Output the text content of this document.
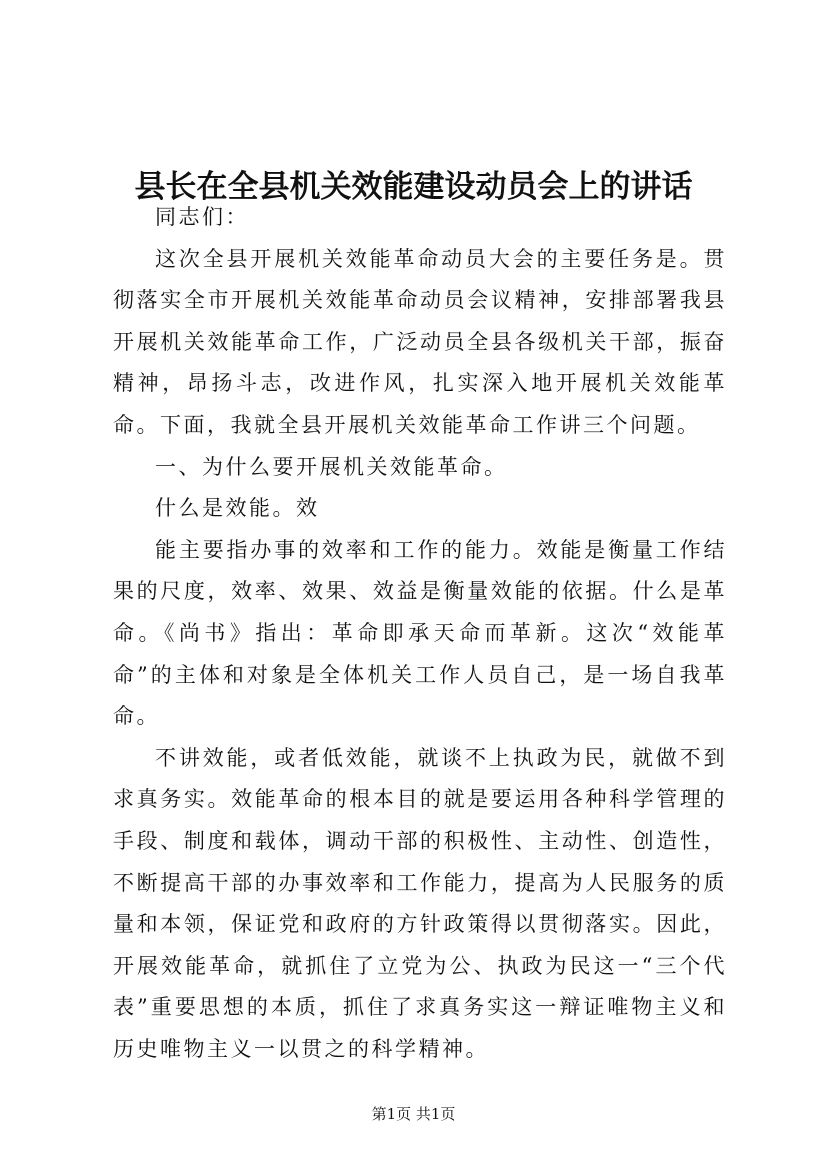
县长在全县机关效能建设动员会上的讲话

同志们：

这次全县开展机关效能革命动员大会的主要任务是。贯彻落实全市开展机关效能革命动员会议精神，安排部署我县开展机关效能革命工作，广泛动员全县各级机关干部，振奋精神，昂扬斗志，改进作风，扎实深入地开展机关效能革命。下面，我就全县开展机关效能革命工作讲三个问题。

一、为什么要开展机关效能革命。

什么是效能。效

能主要指办事的效率和工作的能力。效能是衡量工作结果的尺度，效率、效果、效益是衡量效能的依据。什么是革命。《尚书》指出：革命即承天命而革新。这次“效能革命”的主体和对象是全体机关工作人员自己，是一场自我革命。

不讲效能，或者低效能，就谈不上执政为民，就做不到求真务实。效能革命的根本目的就是要运用各种科学管理的手段、制度和载体，调动干部的积极性、主动性、创造性，不断提高干部的办事效率和工作能力，提高为人民服务的质量和本领，保证党和政府的方针政策得以贯彻落实。因此，开展效能革命，就抓住了立党为公、执政为民这一“三个代表”重要思想的本质，抓住了求真务实这一辩证唯物主义和历史唯物主义一以贯之的科学精神。

第1页 共1页
